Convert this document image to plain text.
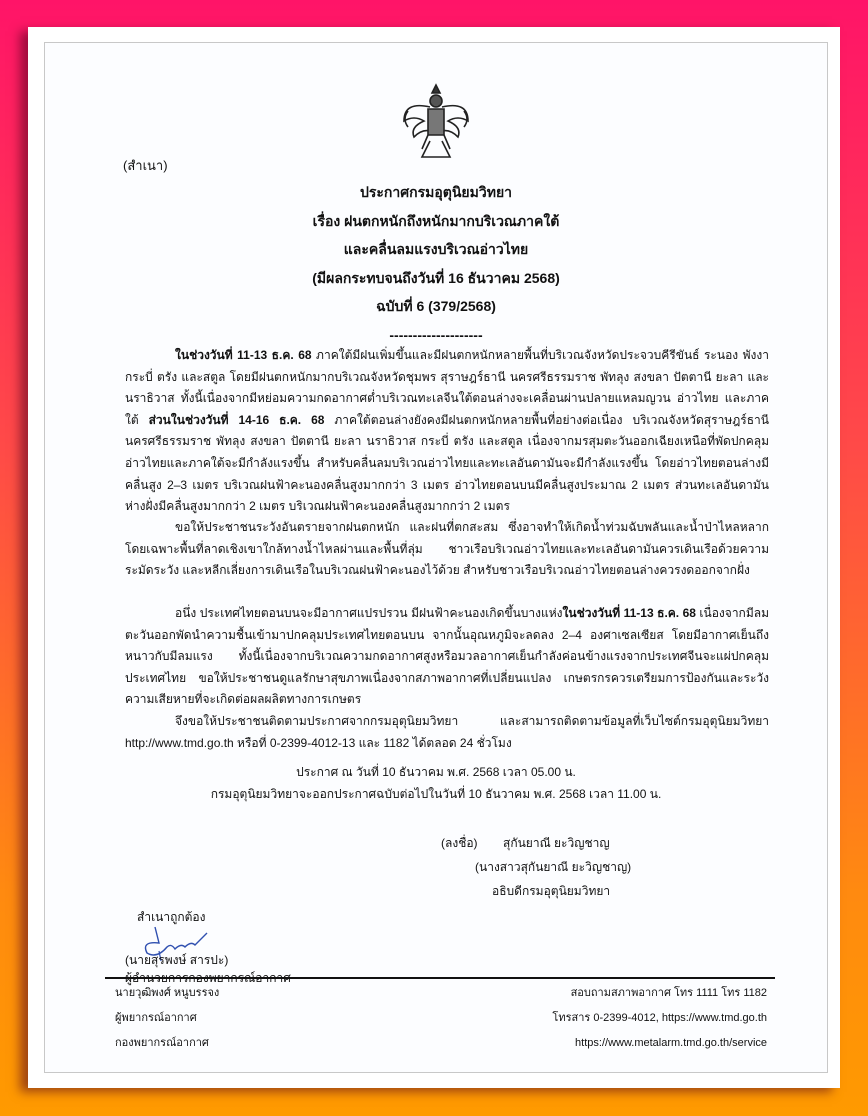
(สำเนา)
ประกาศกรมอุตุนิยมวิทยา
เรื่อง ฝนตกหนักถึงหนักมากบริเวณภาคใต้
และคลื่นลมแรงบริเวณอ่าวไทย
(มีผลกระทบจนถึงวันที่ 16 ธันวาคม 2568)
ฉบับที่ 6 (379/2568)
--------------------

ในช่วงวันที่ 11-13 ธ.ค. 68 ภาคใต้มีฝนเพิ่มขึ้นและมีฝนตกหนักหลายพื้นที่บริเวณจังหวัดประจวบคีรีขันธ์ ระนอง พังงา กระบี่ ตรัง และสตูล โดยมีฝนตกหนักมากบริเวณจังหวัดชุมพร สุราษฎร์ธานี นครศรีธรรมราช พัทลุง สงขลา ปัตตานี ยะลา และนราธิวาส ทั้งนี้เนื่องจากมีหย่อมความกดอากาศต่ำบริเวณทะเลจีนใต้ตอนล่างจะเคลื่อนผ่านปลายแหลมญวน อ่าวไทย และภาคใต้ ส่วนในช่วงวันที่ 14-16 ธ.ค. 68 ภาคใต้ตอนล่างยังคงมีฝนตกหนักหลายพื้นที่อย่างต่อเนื่อง บริเวณจังหวัดสุราษฎร์ธานี นครศรีธรรมราช พัทลุง สงขลา ปัตตานี ยะลา นราธิวาส กระบี่ ตรัง และสตูล เนื่องจากมรสุมตะวันออกเฉียงเหนือที่พัดปกคลุมอ่าวไทยและภาคใต้จะมีกำลังแรงขึ้น สำหรับคลื่นลมบริเวณอ่าวไทยและทะเลอันดามันจะมีกำลังแรงขึ้น โดยอ่าวไทยตอนล่างมีคลื่นสูง 2–3 เมตร บริเวณฝนฟ้าคะนองคลื่นสูงมากกว่า 3 เมตร อ่าวไทยตอนบนมีคลื่นสูงประมาณ 2 เมตร ส่วนทะเลอันดามันห่างฝั่งมีคลื่นสูงมากกว่า 2 เมตร บริเวณฝนฟ้าคะนองคลื่นสูงมากกว่า 2 เมตร

ขอให้ประชาชนระวังอันตรายจากฝนตกหนัก และฝนที่ตกสะสม ซึ่งอาจทำให้เกิดน้ำท่วมฉับพลันและน้ำป่าไหลหลาก โดยเฉพาะพื้นที่ลาดเชิงเขาใกล้ทางน้ำไหลผ่านและพื้นที่ลุ่ม ชาวเรือบริเวณอ่าวไทยและทะเลอันดามันควรเดินเรือด้วยความระมัดระวัง และหลีกเลี่ยงการเดินเรือในบริเวณฝนฟ้าคะนองไว้ด้วย สำหรับชาวเรือบริเวณอ่าวไทยตอนล่างควรงดออกจากฝั่ง

อนึ่ง ประเทศไทยตอนบนจะมีอากาศแปรปรวน มีฝนฟ้าคะนองเกิดขึ้นบางแห่งในช่วงวันที่ 11-13 ธ.ค. 68 เนื่องจากมีลมตะวันออกพัดนำความชื้นเข้ามาปกคลุมประเทศไทยตอนบน จากนั้นอุณหภูมิจะลดลง 2–4 องศาเซลเซียส โดยมีอากาศเย็นถึงหนาวกับมีลมแรง ทั้งนี้เนื่องจากบริเวณความกดอากาศสูงหรือมวลอากาศเย็นกำลังค่อนข้างแรงจากประเทศจีนจะแผ่ปกคลุมประเทศไทย ขอให้ประชาชนดูแลรักษาสุขภาพเนื่องจากสภาพอากาศที่เปลี่ยนแปลง เกษตรกรควรเตรียมการป้องกันและระวังความเสียหายที่จะเกิดต่อผลผลิตทางการเกษตร

จึงขอให้ประชาชนติดตามประกาศจากกรมอุตุนิยมวิทยา และสามารถติดตามข้อมูลที่เว็บไซต์กรมอุตุนิยมวิทยา http://www.tmd.go.th หรือที่ 0-2399-4012-13 และ 1182 ได้ตลอด 24 ชั่วโมง

ประกาศ ณ วันที่ 10 ธันวาคม พ.ศ. 2568 เวลา 05.00 น.
กรมอุตุนิยมวิทยาจะออกประกาศฉบับต่อไปในวันที่ 10 ธันวาคม พ.ศ. 2568 เวลา 11.00 น.
(ลงชื่อ) สุกันยาณี ยะวิญชาญ
(นางสาวสุกันยาณี ยะวิญชาญ)
อธิบดีกรมอุตุนิยมวิทยา
สำเนาถูกต้อง
(นายสุรพงษ์ สารปะ)
นายวุฒิพงศ์ หนูบรรจง
ผู้พยากรณ์อากาศ
กองพยากรณ์อากาศ
สอบถามสภาพอากาศ โทร 1111 โทร 1182
โทรสาร 0-2399-4012, https://www.tmd.go.th
https://www.metalarm.tmd.go.th/service
